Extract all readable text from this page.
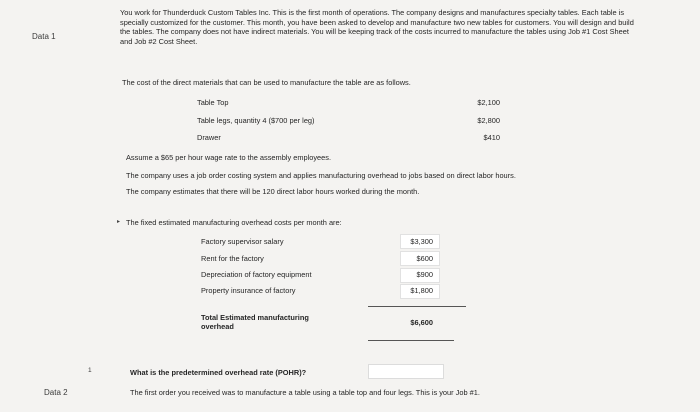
Data 1
1
Data 2
You work for Thunderduck Custom Tables Inc. This is the first month of operations. The company designs and manufactures specialty tables. Each table is specially customized for the customer. This month, you have been asked to develop and manufacture two new tables for customers. You will design and build the tables. The company does not have indirect materials. You will be keeping track of the costs incurred to manufacture the tables using Job #1 Cost Sheet and Job #2 Cost Sheet.
The cost of the direct materials that can be used to manufacture the table are as follows.
Table Top	$2,100
Table legs, quantity 4 ($700 per leg)	$2,800
Drawer	$410
Assume a $65 per hour wage rate to the assembly employees.
The company uses a job order costing system and applies manufacturing overhead to jobs based on direct labor hours.
The company estimates that there will be 120 direct labor hours worked during the month.
▸ The fixed estimated manufacturing overhead costs per month are:
Factory supervisor salary	$3,300
Rent for the factory	$600
Depreciation of factory equipment	$900
Property insurance of factory	$1,800
Total Estimated manufacturing
overhead	$6,600
What is the predetermined overhead rate (POHR)?
The first order you received was to manufacture a table using a table top and four legs. This is your Job #1.
